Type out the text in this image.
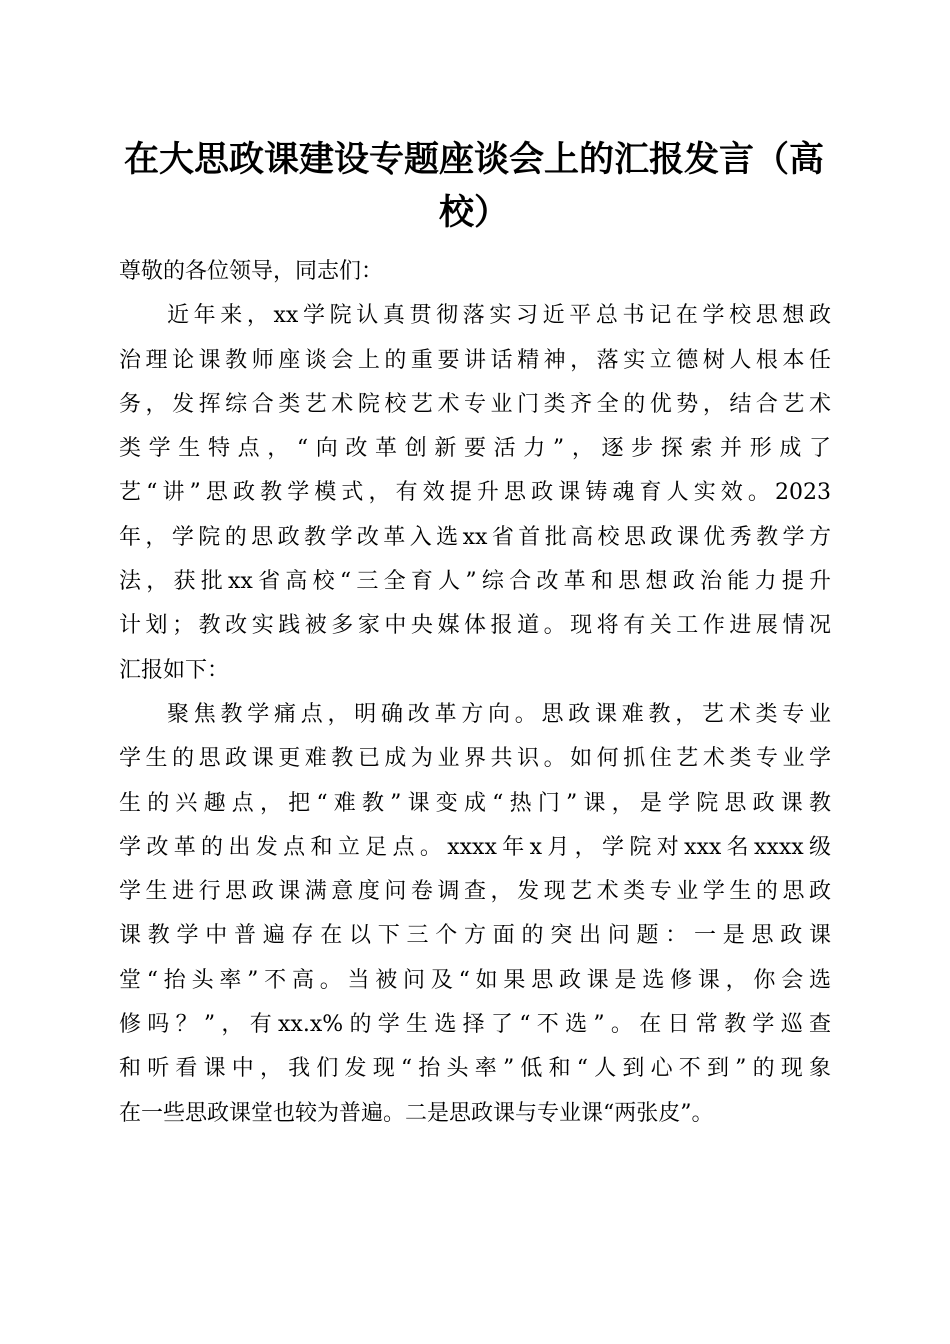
在大思政课建设专题座谈会上的汇报发言（高校）
尊敬的各位领导，同志们：
近年来，xx学院认真贯彻落实习近平总书记在学校思想政
治理论课教师座谈会上的重要讲话精神，落实立德树人根本任
务，发挥综合类艺术院校艺术专业门类齐全的优势，结合艺术
类学生特点，“向改革创新要活力”，逐步探索并形成了
艺“讲”思政教学模式，有效提升思政课铸魂育人实效。2023
年，学院的思政教学改革入选xx省首批高校思政课优秀教学方
法，获批xx省高校“三全育人”综合改革和思想政治能力提升
计划；教改实践被多家中央媒体报道。现将有关工作进展情况
汇报如下：
聚焦教学痛点，明确改革方向。思政课难教，艺术类专业
学生的思政课更难教已成为业界共识。如何抓住艺术类专业学
生的兴趣点，把“难教”课变成“热门”课，是学院思政课教
学改革的出发点和立足点。xxxx年x月，学院对xxx名xxxx级
学生进行思政课满意度问卷调查，发现艺术类专业学生的思政
课教学中普遍存在以下三个方面的突出问题：一是思政课
堂“抬头率”不高。当被问及“如果思政课是选修课，你会选
修吗？”，有xx.x%的学生选择了“不选”。在日常教学巡查
和听看课中，我们发现“抬头率”低和“人到心不到”的现象
在一些思政课堂也较为普遍。二是思政课与专业课“两张皮”。
